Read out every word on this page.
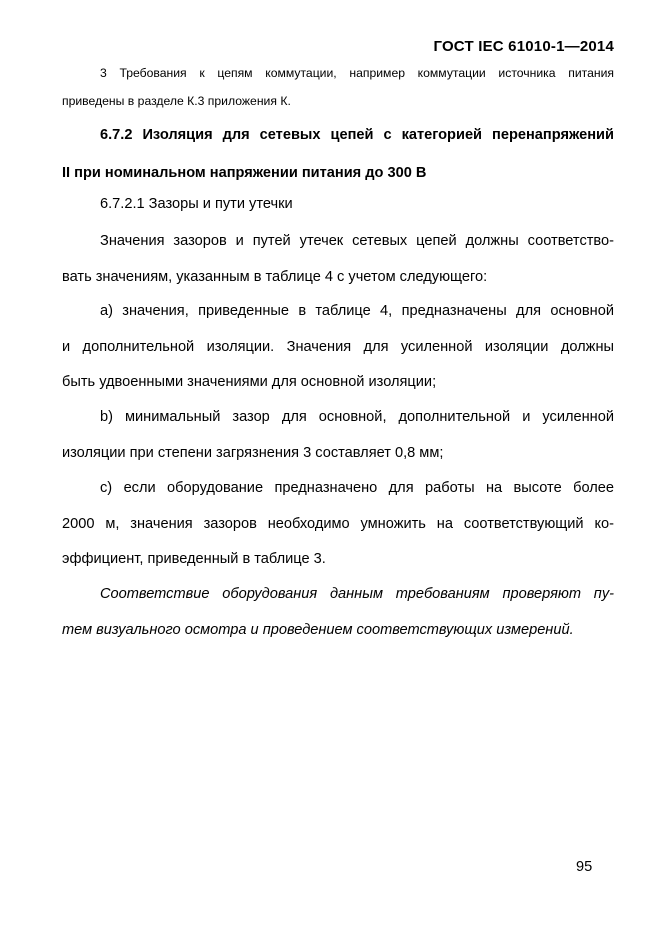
ГОСТ IEC 61010-1—2014
3 Требования к цепям коммутации, например коммутации источника питания
приведены в разделе К.3 приложения К.
6.7.2 Изоляция для сетевых цепей с категорией перенапряжений
II при номинальном напряжении питания до 300 В
6.7.2.1 Зазоры и пути утечки
Значения зазоров и путей утечек сетевых цепей должны соответство-
вать значениям, указанным в таблице 4 с учетом следующего:
а) значения, приведенные в таблице 4, предназначены для основной
и дополнительной изоляции. Значения для усиленной изоляции должны
быть удвоенными значениями для основной изоляции;
b) минимальный зазор для основной, дополнительной и усиленной
изоляции при степени загрязнения 3 составляет 0,8 мм;
с) если оборудование предназначено для работы на высоте более
2000 м, значения зазоров необходимо умножить на соответствующий ко-
эффициент, приведенный в таблице 3.
Соответствие оборудования данным требованиям проверяют пу-
тем визуального осмотра и проведением соответствующих измерений.
95
